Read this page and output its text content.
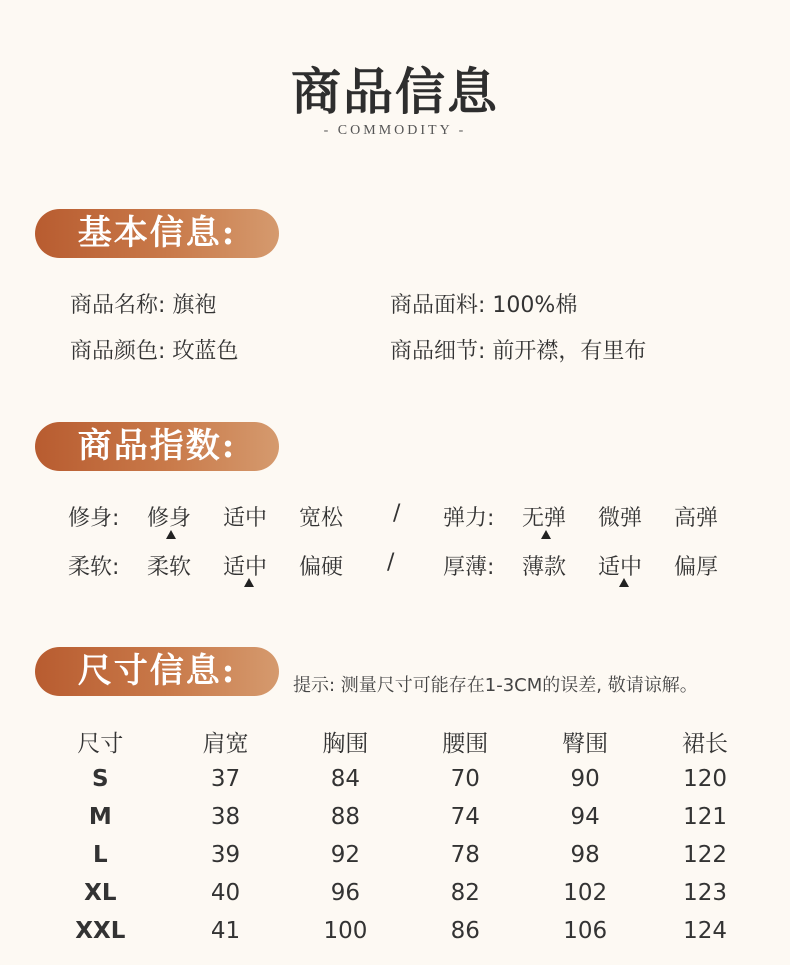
商品信息
- COMMODITY -
基本信息:
商品名称: 旗袍	商品面料: 100%棉
商品颜色: 玫蓝色	商品细节: 前开襟，有里布
商品指数:
修身: 修身 适中 宽松 / 弹力: 无弹 微弹 高弹
柔软: 柔软 适中 偏硬 / 厚薄: 薄款 适中 偏厚
尺寸信息:	提示: 测量尺寸可能存在1-3CM的误差, 敬请谅解。
尺寸	肩宽	胸围	腰围	臀围	裙长
S	37	84	70	90	120
M	38	88	74	94	121
L	39	92	78	98	122
XL	40	96	82	102	123
XXL	41	100	86	106	124
